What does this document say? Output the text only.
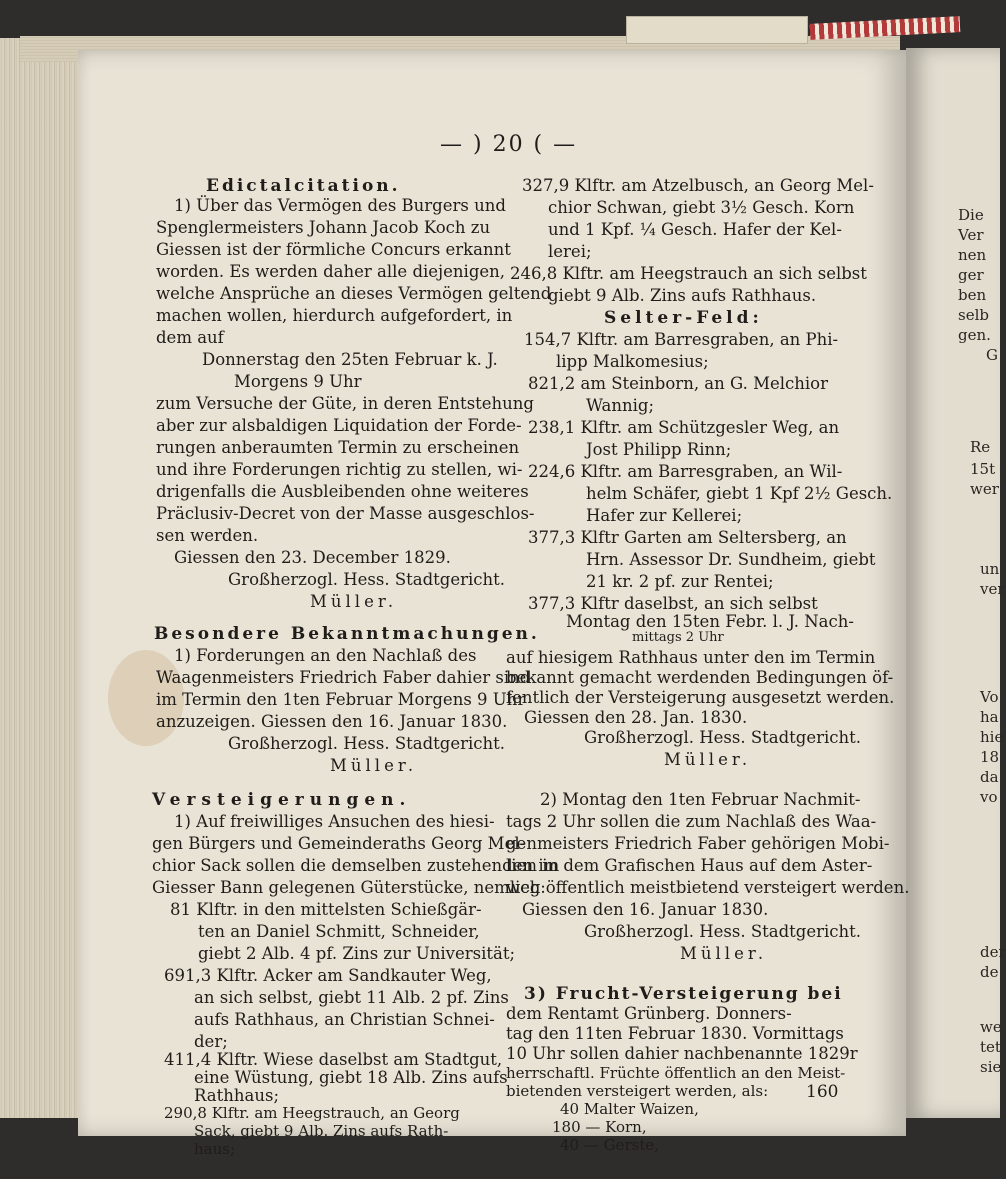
Die
Ver
nen
ger
ben
selb
gen.
G
Re
15t
wer
un
ver
Vo
ha
hie
18
da
vo
der
de
we
tet
sie
— ) 20 ( —
Edictalcitation.
1) Über das Vermögen des Burgers und
Spenglermeisters Johann Jacob Koch zu
Giessen ist der förmliche Concurs erkannt
worden. Es werden daher alle diejenigen,
welche Ansprüche an dieses Vermögen geltend
machen wollen, hierdurch aufgefordert, in
dem auf
Donnerstag den 25ten Februar k. J.
Morgens 9 Uhr
zum Versuche der Güte, in deren Entstehung
aber zur alsbaldigen Liquidation der Forde-
rungen anberaumten Termin zu erscheinen
und ihre Forderungen richtig zu stellen, wi-
drigenfalls die Ausbleibenden ohne weiteres
Präclusiv-Decret von der Masse ausgeschlos-
sen werden.
Giessen den 23. December 1829.
Großherzogl. Hess. Stadtgericht.
Müller.
Besondere Bekanntmachungen.
1) Forderungen an den Nachlaß des
Waagenmeisters Friedrich Faber dahier sind
im Termin den 1ten Februar Morgens 9 Uhr
anzuzeigen. Giessen den 16. Januar 1830.
Großherzogl. Hess. Stadtgericht.
Müller.
Versteigerungen.
1) Auf freiwilliges Ansuchen des hiesi-
gen Bürgers und Gemeinderaths Georg Mel-
chior Sack sollen die demselben zustehenden im
Giesser Bann gelegenen Güterstücke, nemlich:
81 Klftr. in den mittelsten Schießgär-
ten an Daniel Schmitt, Schneider,
giebt 2 Alb. 4 pf. Zins zur Universität;
691,3 Klftr. Acker am Sandkauter Weg,
an sich selbst, giebt 11 Alb. 2 pf. Zins
aufs Rathhaus, an Christian Schnei-
der;
411,4 Klftr. Wiese daselbst am Stadtgut,
eine Wüstung, giebt 18 Alb. Zins aufs
Rathhaus;
290,8 Klftr. am Heegstrauch, an Georg
Sack, giebt 9 Alb. Zins aufs Rath-
haus;
327,9 Klftr. am Atzelbusch, an Georg Mel-
chior Schwan, giebt 3½ Gesch. Korn
und 1 Kpf. ¼ Gesch. Hafer der Kel-
lerei;
246,8 Klftr. am Heegstrauch an sich selbst
giebt 9 Alb. Zins aufs Rathhaus.
Selter-Feld:
154,7 Klftr. am Barresgraben, an Phi-
lipp Malkomesius;
821,2 am Steinborn, an G. Melchior
Wannig;
238,1 Klftr. am Schützgesler Weg, an
Jost Philipp Rinn;
224,6 Klftr. am Barresgraben, an Wil-
helm Schäfer, giebt 1 Kpf 2½ Gesch.
Hafer zur Kellerei;
377,3 Klftr Garten am Seltersberg, an
Hrn. Assessor Dr. Sundheim, giebt
21 kr. 2 pf. zur Rentei;
377,3 Klftr daselbst, an sich selbst
Montag den 15ten Febr. l. J. Nach-
mittags 2 Uhr
auf hiesigem Rathhaus unter den im Termin
bekannt gemacht werdenden Bedingungen öf-
fentlich der Versteigerung ausgesetzt werden.
Giessen den 28. Jan. 1830.
Großherzogl. Hess. Stadtgericht.
Müller.
2) Montag den 1ten Februar Nachmit-
tags 2 Uhr sollen die zum Nachlaß des Waa-
genmeisters Friedrich Faber gehörigen Mobi-
lien in dem Grafischen Haus auf dem Aster-
weg öffentlich meistbietend versteigert werden.
Giessen den 16. Januar 1830.
Großherzogl. Hess. Stadtgericht.
Müller.
3) Frucht-Versteigerung bei
dem Rentamt Grünberg. Donners-
tag den 11ten Februar 1830. Vormittags
10 Uhr sollen dahier nachbenannte 1829r
herrschaftl. Früchte öffentlich an den Meist-
bietenden versteigert werden, als:
40 Malter Waizen,
180 — Korn,
40 — Gerste,
160
